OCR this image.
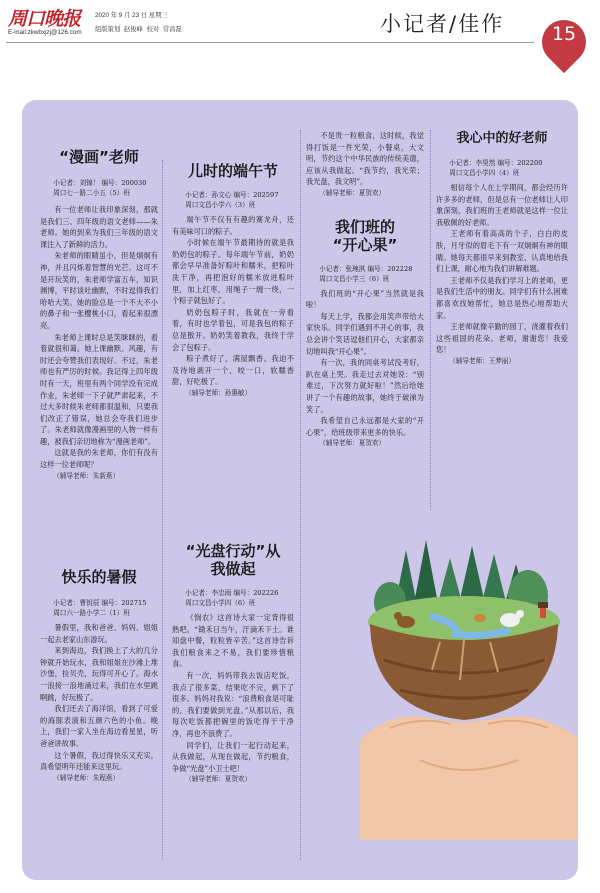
周口晚报
E-mail:zkwbxjzj@126.com
2020 年 9 月 23 日 星期三
组版策划 赵俊峰 校对 常昌磊	小记者/佳作	15
“漫画”老师

小记者：刘锦！ 编号：200030

周口七一路二小五（5）班

有一位老师让我印象深刻，那就是我们三、四年级的语文老师——朱老师。她的到来为我们三年级的语文课注入了新鲜的活力。

朱老师的眼睛虽小，但是炯炯有神，并且闪烁着智慧的光芒。这可不是开玩笑的，朱老师学富五车，知识渊博，平时谈吐幽默，不时逗得我们哈哈大笑。她的脸总是一个不大不小的鼻子和一张樱桃小口，看起来很漂亮。

朱老师上课时总是笑眯眯的，看着就很和蔼。她上课幽默、风趣，有时还会夸赞我们表现好。不过，朱老师也有严厉的时候。我记得上四年级时有一天，班里有两个同学没有完成作业，朱老师一下子就严肃起来，不过大多时候朱老师都很温和，只要我们改正了错误，她总会夸我们进步了。朱老师就像漫画里的人物一样有趣，被我们亲切地称为“漫画老师”。

这就是我的朱老师，你们有没有这样一位老师呢？

（辅导老师：朱新燕）

快乐的暑假

小记者：曹钥辰 编号：202715

周口六一路小学二（1）班

暑假里，我和爸爸、妈妈、姐姐一起去老家山东游玩。

来到海边，我们换上了大的几分钟就开始玩水，我和姐姐在沙滩上堆沙堡，捡贝壳，玩得可开心了。海水一浪接一浪地涌过来，我们在水里跳啊跳，好玩极了。

我们还去了海洋馆，看到了可爱的海豚表演和五颜六色的小鱼。晚上，我们一家人坐在海边看星星，听爸爸讲故事。

这个暑假，我过得快乐又充实，真希望明年还能来这里玩。

（辅导老师：朱程燕）

儿时的端午节

小记者：孙文心 编号：202597

周口文昌小学六（3）班

端午节不仅有有趣的赛龙舟，还有美味可口的粽子。

小时候在端午节最期待的就是我奶奶包的粽子。每年端午节前，奶奶都会早早准备好粽叶和糯米，把粽叶洗干净，再把泡好的糯米放进粽叶里，加上红枣，用绳子一缠一绕，一个粽子就包好了。

奶奶包粽子时，我就在一旁看着，有时也学着包，可是我包的粽子总是散开。奶奶笑着教我，我终于学会了包粽子。

粽子煮好了，满屋飘香。我迫不及待地剥开一个，咬一口，软糯香甜，好吃极了。

（辅导老师：孙惠敏）

“光盘行动”从
我做起

小记者：李忠雨 编号：202226

周口文昌小学四（6）班

《悯农》这首诗大家一定背得很熟吧。“锄禾日当午，汗滴禾下土。谁知盘中餐，粒粒皆辛苦。”这首诗告诉我们粮食来之不易，我们要珍惜粮食。

有一次，妈妈带我去饭店吃饭，我点了很多菜，结果吃不完，剩下了很多。妈妈对我说：“浪费粮食是可耻的，我们要做到光盘。”从那以后，我每次吃饭都把碗里的饭吃得干干净净，再也不浪费了。

同学们，让我们一起行动起来，从我做起，从现在做起，节约粮食，争做“光盘”小卫士吧！

（辅导老师：夏贺欢）

不是贵一粒粮食，这时候，我觉得打饭是一件光荣，小餐桌，大文明，节约这个中华民族的传统美德，应该从我做起。“我节约，我光荣；我光盘，我文明”。

（辅导老师：夏贺欢）

我们班的
“开心果”

小记者：张琬淇 编号：202228

周口文昌小学三（6）班

我们班的“开心果”当然就是我啦！

每天上学，我都会用笑声带给大家快乐。同学们遇到不开心的事，我总会讲个笑话逗他们开心，大家都亲切地叫我“开心果”。

有一次，我的同桌考试没考好，趴在桌上哭。我走过去对她说：“别难过，下次努力就好啦！”然后给她讲了一个有趣的故事，她终于破涕为笑了。

我希望自己永远都是大家的“开心果”，给班级带来更多的快乐。

（辅导老师：夏贺欢）

我心中的好老师

小记者：李昊然 编号：202200

周口文昌小学四（4）班

相信每个人在上学期间，都会经历许许多多的老师，但是总有一位老师让人印象深刻，我们班的王老师就是这样一位让我敬佩的好老师。

王老师有着高高的个子，白白的皮肤，月牙似的眉毛下有一双炯炯有神的眼睛。她每天都很早来到教室，认真地给我们上课，耐心地为我们讲解难题。

王老师不仅是我们学习上的老师，更是我们生活中的朋友。同学们有什么困难都喜欢找她帮忙，她总是热心地帮助大家。

王老师就像辛勤的园丁，浇灌着我们这些祖国的花朵。老师，谢谢您！我爱您！

（辅导老师：王梦丽）
